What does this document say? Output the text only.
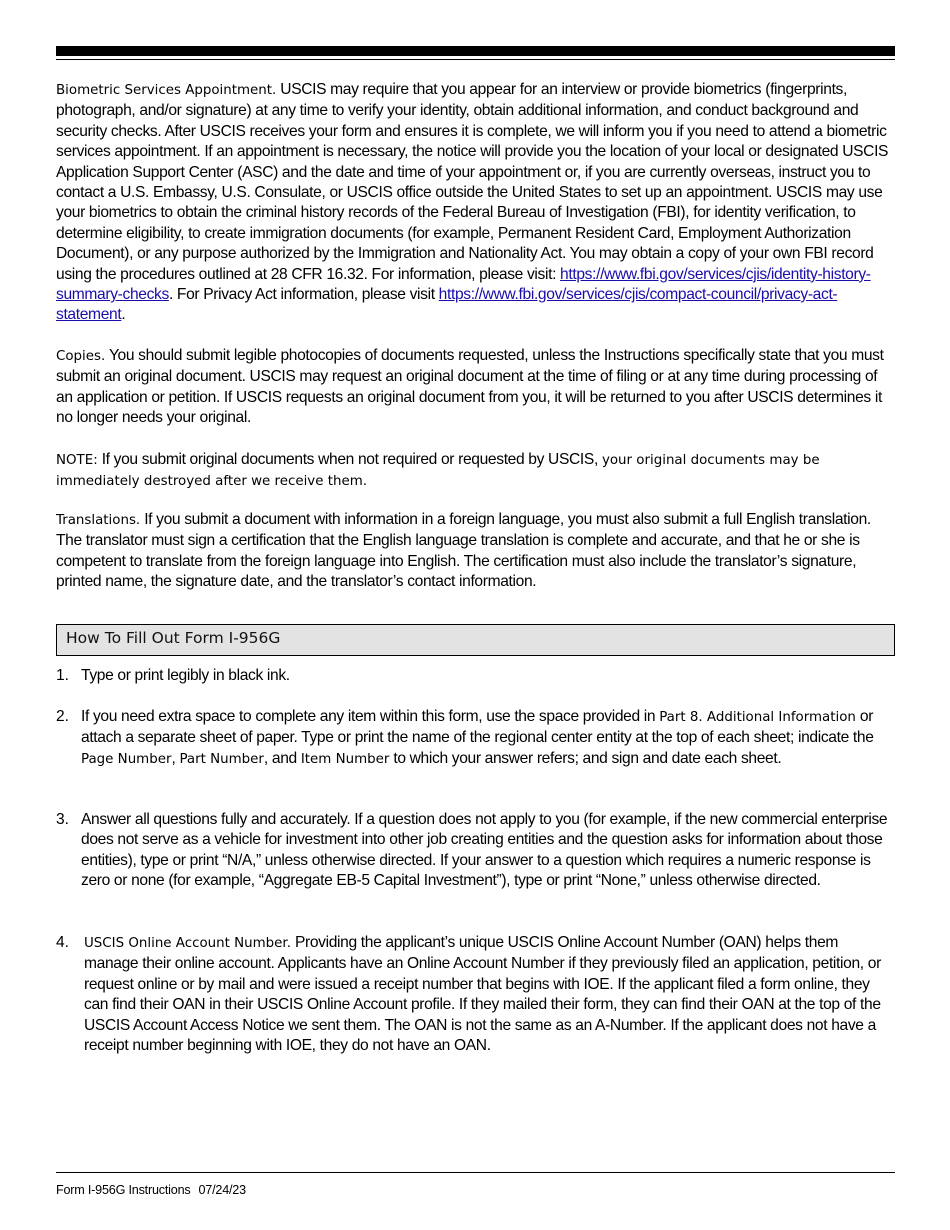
Biometric Services Appointment. USCIS may require that you appear for an interview or provide biometrics (fingerprints, photograph, and/or signature) at any time to verify your identity, obtain additional information, and conduct background and security checks. After USCIS receives your form and ensures it is complete, we will inform you if you need to attend a biometric services appointment. If an appointment is necessary, the notice will provide you the location of your local or designated USCIS Application Support Center (ASC) and the date and time of your appointment or, if you are currently overseas, instruct you to contact a U.S. Embassy, U.S. Consulate, or USCIS office outside the United States to set up an appointment. USCIS may use your biometrics to obtain the criminal history records of the Federal Bureau of Investigation (FBI), for identity verification, to determine eligibility, to create immigration documents (for example, Permanent Resident Card, Employment Authorization Document), or any purpose authorized by the Immigration and Nationality Act. You may obtain a copy of your own FBI record using the procedures outlined at 28 CFR 16.32. For information, please visit: https://www.fbi.gov/services/cjis/identity-history-summary-checks. For Privacy Act information, please visit https://www.fbi.gov/services/cjis/compact-council/privacy-act-statement.

Copies. You should submit legible photocopies of documents requested, unless the Instructions specifically state that you must submit an original document. USCIS may request an original document at the time of filing or at any time during processing of an application or petition. If USCIS requests an original document from you, it will be returned to you after USCIS determines it no longer needs your original.

NOTE: If you submit original documents when not required or requested by USCIS, your original documents may be immediately destroyed after we receive them.

Translations. If you submit a document with information in a foreign language, you must also submit a full English translation. The translator must sign a certification that the English language translation is complete and accurate, and that he or she is competent to translate from the foreign language into English. The certification must also include the translator’s signature, printed name, the signature date, and the translator’s contact information.

How To Fill Out Form I-956G
1. Type or print legibly in black ink.

2. If you need extra space to complete any item within this form, use the space provided in Part 8. Additional Information or attach a separate sheet of paper. Type or print the name of the regional center entity at the top of each sheet; indicate the Page Number, Part Number, and Item Number to which your answer refers; and sign and date each sheet.

3. Answer all questions fully and accurately. If a question does not apply to you (for example, if the new commercial enterprise does not serve as a vehicle for investment into other job creating entities and the question asks for information about those entities), type or print “N/A,” unless otherwise directed. If your answer to a question which requires a numeric response is zero or none (for example, “Aggregate EB-5 Capital Investment”), type or print “None,” unless otherwise directed.

4. USCIS Online Account Number. Providing the applicant’s unique USCIS Online Account Number (OAN) helps them manage their online account. Applicants have an Online Account Number if they previously filed an application, petition, or request online or by mail and were issued a receipt number that begins with IOE. If the applicant filed a form online, they can find their OAN in their USCIS Online Account profile. If they mailed their form, they can find their OAN at the top of the USCIS Account Access Notice we sent them. The OAN is not the same as an A-Number. If the applicant does not have a receipt number beginning with IOE, they do not have an OAN.

Form I-956G Instructions 07/24/23
